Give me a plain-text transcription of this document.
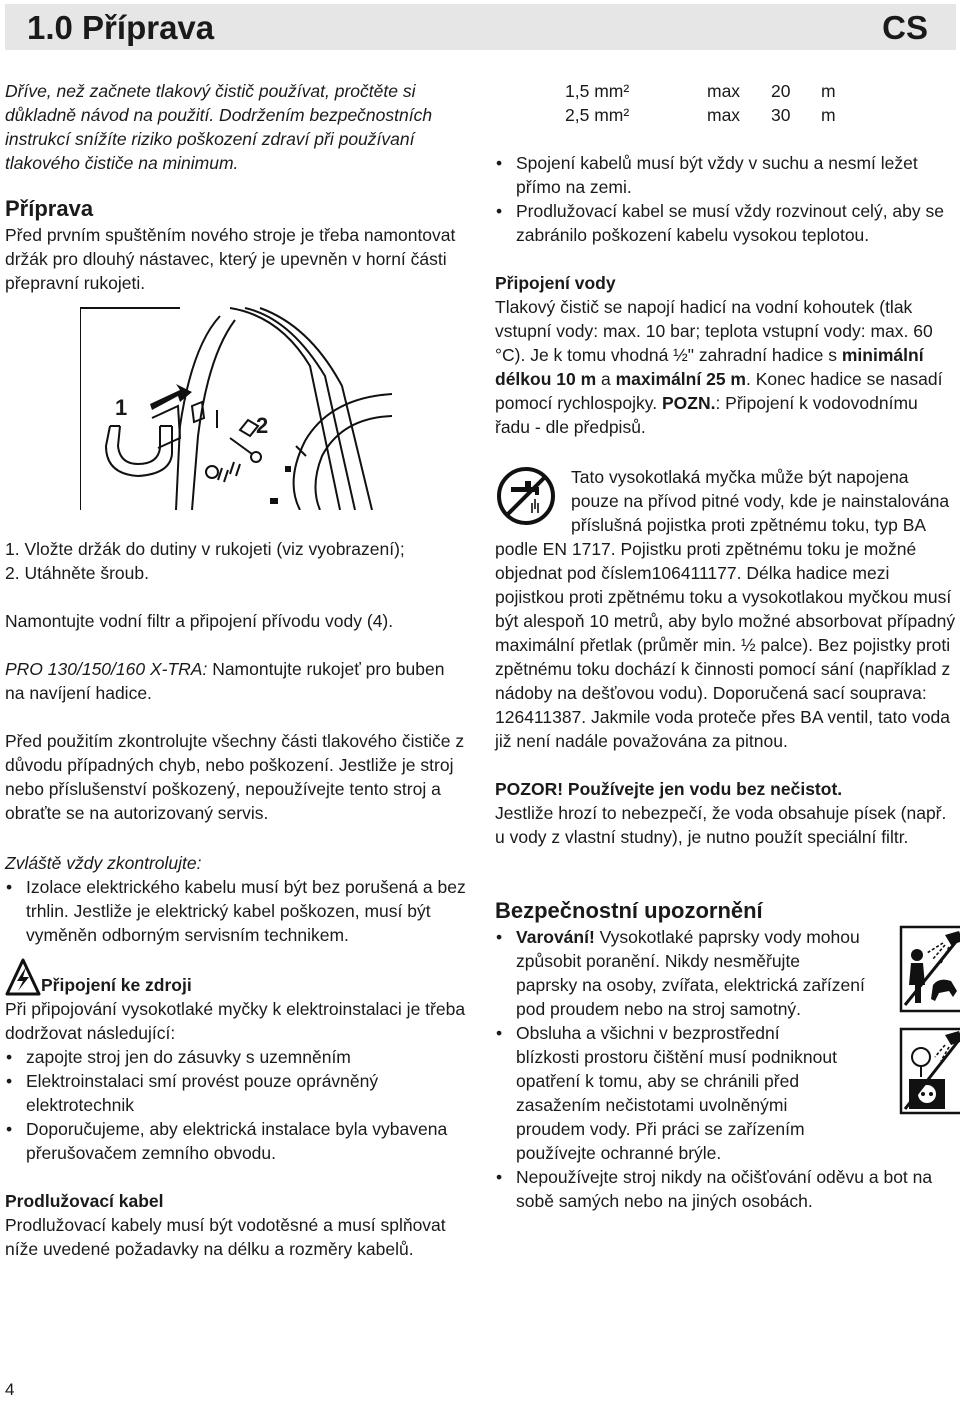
1.0 Příprava	CS

Dříve, než začnete tlakový čistič používat, pročtěte si důkladně návod na použití. Dodržením bezpečnostních instrukcí snížíte riziko poškození zdraví při používaní tlakového čističe na minimum.

Příprava

Před prvním spuštěním nového stroje je třeba namontovat držák pro dlouhý nástavec, který je upevněn v horní části přepravní rukojeti.

1
2

1. Vložte držák do dutiny v rukojeti (viz vyobrazení);

2. Utáhněte šroub.

Namontujte vodní filtr a připojení přívodu vody (4).

PRO 130/150/160 X-TRA: Namontujte rukojeť pro buben na navíjení hadice.

Před použitím zkontrolujte všechny části tlakového čističe z důvodu případných chyb, nebo poškození. Jestliže je stroj nebo příslušenství poškozený, nepoužívejte tento stroj a obraťte se na autorizovaný servis.

Zvláště vždy zkontrolujte:

• Izolace elektrického kabelu musí být bez porušená a bez trhlin. Jestliže je elektrický kabel poškozen, musí být vyměněn odborným servisním technikem.

Připojení ke zdroji

Při připojování vysokotlaké myčky k elektroinstalaci je třeba dodržovat následující:

• zapojte stroj jen do zásuvky s uzemněním
• Elektroinstalaci smí provést pouze oprávněný elektrotechnik
• Doporučujeme, aby elektrická instalace byla vybavena přerušovačem zemního obvodu.

Prodlužovací kabel

Prodlužovací kabely musí být vodotěsné a musí splňovat níže uvedené požadavky na délku a rozměry kabelů.

1,5 mm²	max	20	m
2,5 mm²	max	30	m
• Spojení kabelů musí být vždy v suchu a nesmí ležet přímo na zemi.
• Prodlužovací kabel se musí vždy rozvinout celý, aby se zabránilo poškození kabelu vysokou teplotou.

Připojení vody

Tlakový čistič se napojí hadicí na vodní kohoutek (tlak vstupní vody: max. 10 bar; teplota vstupní vody: max. 60 °C). Je k tomu vhodná ½" zahradní hadice s minimální délkou 10 m a maximální 25 m. Konec hadice se nasadí pomocí rychlospojky. POZN.: Připojení k vodovodnímu řadu - dle předpisů.

Tato vysokotlaká myčka může být napojena pouze na přívod pitné vody, kde je nainstalována příslušná pojistka proti zpětnému toku, typ BA podle EN 1717. Pojistku proti zpětnému toku je možné objednat pod číslem106411177. Délka hadice mezi pojistkou proti zpětnému toku a vysokotlakou myčkou musí být alespoň 10 metrů, aby bylo možné absorbovat případný maximální přetlak (průměr min. ½ palce). Bez pojistky proti zpětnému toku dochází k činnosti pomocí sání (například z nádoby na dešťovou vodu). Doporučená sací souprava: 126411387. Jakmile voda proteče přes BA ventil, tato voda již není nadále považována za pitnou.

POZOR! Používejte jen vodu bez nečistot.

Jestliže hrozí to nebezpečí, že voda obsahuje písek (např. u vody z vlastní studny), je nutno použít speciální filtr.

Bezpečnostní upozornění
• Varování! Vysokotlaké paprsky vody mohou způsobit poranění. Nikdy nesměřujte paprsky na osoby, zvířata, elektrická zařízení pod proudem nebo na stroj samotný.
• Obsluha a všichni v bezprostřední blízkosti prostoru čištění musí podniknout opatření k tomu, aby se chránili před zasažením nečistotami uvolněnými proudem vody. Při práci se zařízením používejte ochranné brýle.
• Nepoužívejte stroj nikdy na očišťování oděvu a bot na sobě samých nebo na jiných osobách.
4
